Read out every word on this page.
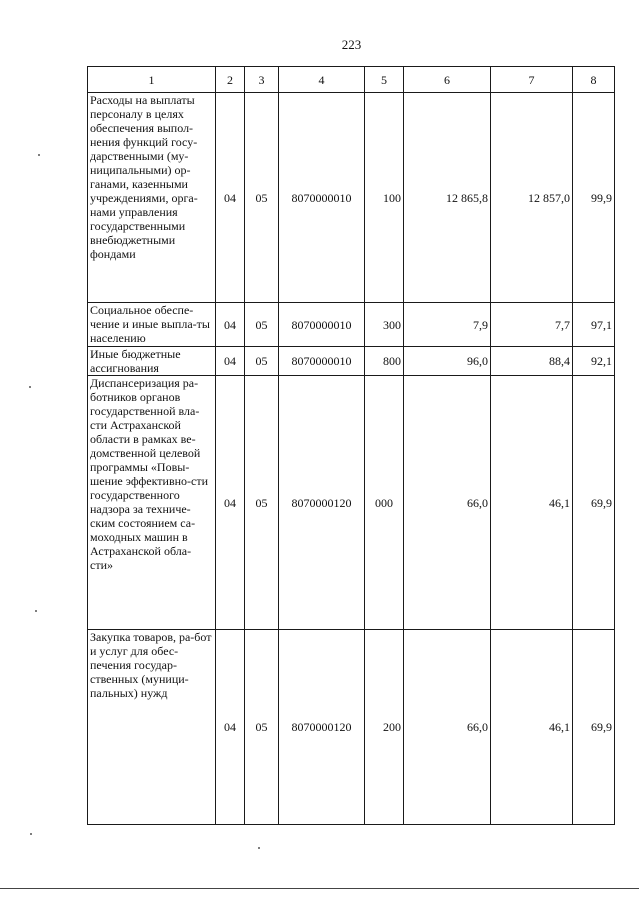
223
1	2	3	4	5	6	7	8
Расходы на выплаты персоналу в целях обеспечения выпол-нения функций госу-дарственными (му-ниципальными) ор-ганами, казенными учреждениями, орга-нами управления государственными внебюджетными фондами	04	05	8070000010	100	12 865,8	12 857,0	99,9
Социальное обеспе-чение и иные выпла-ты населению	04	05	8070000010	300	7,9	7,7	97,1
Иные бюджетные ассигнования	04	05	8070000010	800	96,0	88,4	92,1
Диспансеризация ра-ботников органов государственной вла-сти Астраханской области в рамках ве-домственной целевой программы «Повы-шение эффективно-сти государственного надзора за техниче-ским состоянием са-моходных машин в Астраханской обла-сти»	04	05	8070000120	000	66,0	46,1	69,9
Закупка товаров, ра-бот и услуг для обес-печения государ-ственных (муници-пальных) нужд	04	05	8070000120	200	66,0	46,1	69,9
